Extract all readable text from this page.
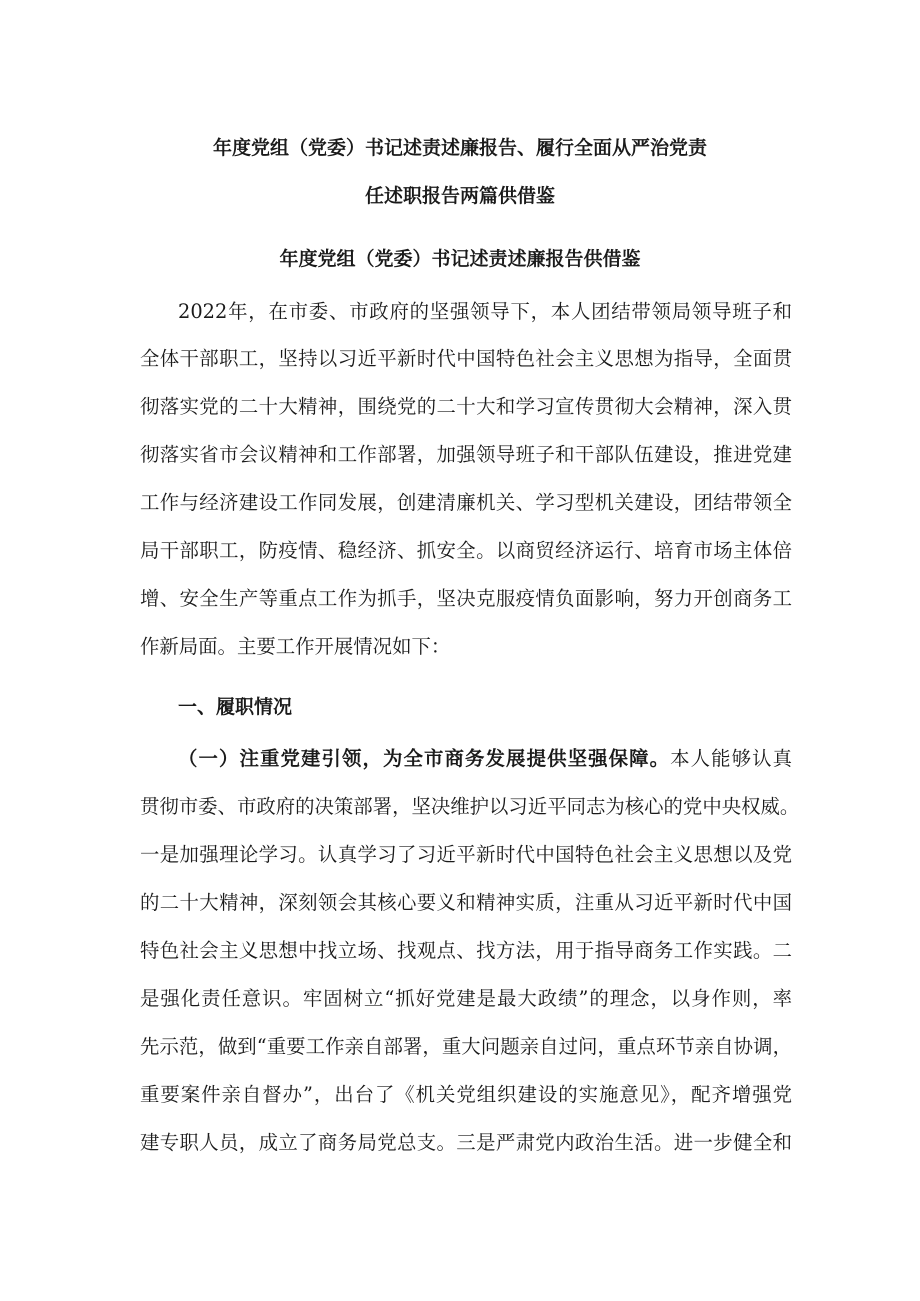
年度党组（党委）书记述责述廉报告、履行全面从严治党责
任述职报告两篇供借鉴
年度党组（党委）书记述责述廉报告供借鉴
2022年，在市委、市政府的坚强领导下，本人团结带领局领导班子和
全体干部职工，坚持以习近平新时代中国特色社会主义思想为指导，全面贯
彻落实党的二十大精神，围绕党的二十大和学习宣传贯彻大会精神，深入贯
彻落实省市会议精神和工作部署，加强领导班子和干部队伍建设，推进党建
工作与经济建设工作同发展，创建清廉机关、学习型机关建设，团结带领全
局干部职工，防疫情、稳经济、抓安全。以商贸经济运行、培育市场主体倍
增、安全生产等重点工作为抓手，坚决克服疫情负面影响，努力开创商务工
作新局面。主要工作开展情况如下：
一、履职情况
（一）注重党建引领，为全市商务发展提供坚强保障。本人能够认真
贯彻市委、市政府的决策部署，坚决维护以习近平同志为核心的党中央权威。
一是加强理论学习。认真学习了习近平新时代中国特色社会主义思想以及党
的二十大精神，深刻领会其核心要义和精神实质，注重从习近平新时代中国
特色社会主义思想中找立场、找观点、找方法，用于指导商务工作实践。二
是强化责任意识。牢固树立“抓好党建是最大政绩”的理念，以身作则，率
先示范，做到“重要工作亲自部署，重大问题亲自过问，重点环节亲自协调，
重要案件亲自督办”，出台了《机关党组织建设的实施意见》，配齐增强党
建专职人员，成立了商务局党总支。三是严肃党内政治生活。进一步健全和
